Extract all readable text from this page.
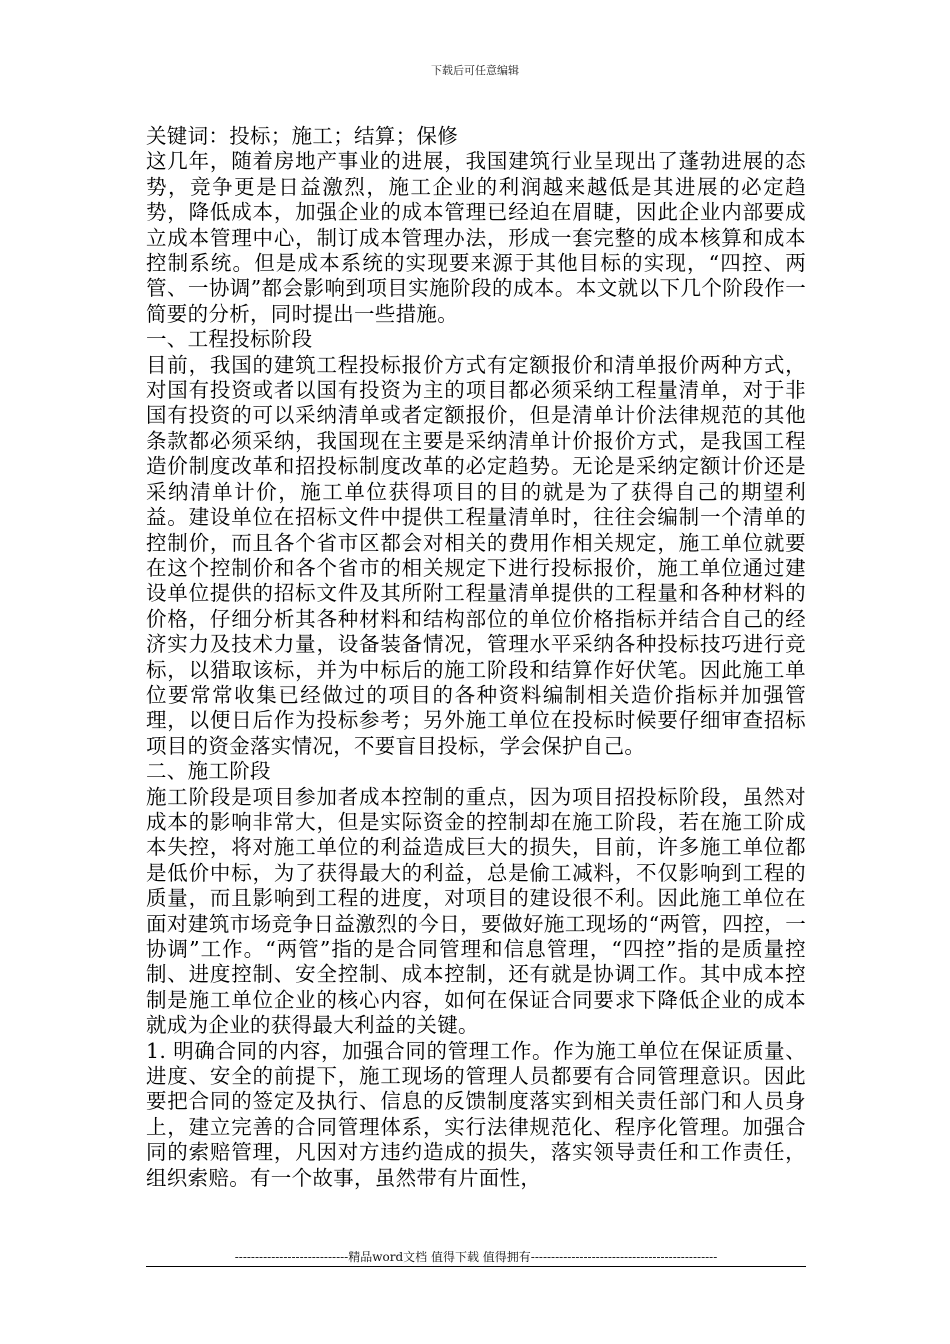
下载后可任意编辑

关键词：投标；施工；结算；保修

这几年，随着房地产事业的进展，我国建筑行业呈现出了蓬勃进展的态势，竞争更是日益激烈，施工企业的利润越来越低是其进展的必定趋势，降低成本，加强企业的成本管理已经迫在眉睫，因此企业内部要成立成本管理中心，制订成本管理办法，形成一套完整的成本核算和成本控制系统。但是成本系统的实现要来源于其他目标的实现，“四控、两管、一协调”都会影响到项目实施阶段的成本。本文就以下几个阶段作一简要的分析，同时提出一些措施。

一、工程投标阶段

目前，我国的建筑工程投标报价方式有定额报价和清单报价两种方式，对国有投资或者以国有投资为主的项目都必须采纳工程量清单，对于非国有投资的可以采纳清单或者定额报价，但是清单计价法律规范的其他条款都必须采纳，我国现在主要是采纳清单计价报价方式，是我国工程造价制度改革和招投标制度改革的必定趋势。无论是采纳定额计价还是采纳清单计价，施工单位获得项目的目的就是为了获得自己的期望利益。建设单位在招标文件中提供工程量清单时，往往会编制一个清单的控制价，而且各个省市区都会对相关的费用作相关规定，施工单位就要在这个控制价和各个省市的相关规定下进行投标报价，施工单位通过建设单位提供的招标文件及其所附工程量清单提供的工程量和各种材料的价格，仔细分析其各种材料和结构部位的单位价格指标并结合自己的经济实力及技术力量，设备装备情况，管理水平采纳各种投标技巧进行竞标，以猎取该标，并为中标后的施工阶段和结算作好伏笔。因此施工单位要常常收集已经做过的项目的各种资料编制相关造价指标并加强管理，以便日后作为投标参考；另外施工单位在投标时候要仔细审查招标项目的资金落实情况，不要盲目投标，学会保护自己。

二、施工阶段

施工阶段是项目参加者成本控制的重点，因为项目招投标阶段，虽然对成本的影响非常大，但是实际资金的控制却在施工阶段，若在施工阶成本失控，将对施工单位的利益造成巨大的损失，目前，许多施工单位都是低价中标，为了获得最大的利益，总是偷工减料，不仅影响到工程的质量，而且影响到工程的进度，对项目的建设很不利。因此施工单位在面对建筑市场竞争日益激烈的今日，要做好施工现场的“两管，四控，一协调”工作。“两管”指的是合同管理和信息管理，“四控”指的是质量控制、进度控制、安全控制、成本控制，还有就是协调工作。其中成本控制是施工单位企业的核心内容，如何在保证合同要求下降低企业的成本就成为企业的获得最大利益的关键。

1. 明确合同的内容，加强合同的管理工作。作为施工单位在保证质量、进度、安全的前提下，施工现场的管理人员都要有合同管理意识。因此要把合同的签定及执行、信息的反馈制度落实到相关责任部门和人员身上，建立完善的合同管理体系，实行法律规范化、程序化管理。加强合同的索赔管理，凡因对方违约造成的损失，落实领导责任和工作责任，组织索赔。有一个故事，虽然带有片面性，

----------------------------精品word文档 值得下载 值得拥有----------------------------------------------
